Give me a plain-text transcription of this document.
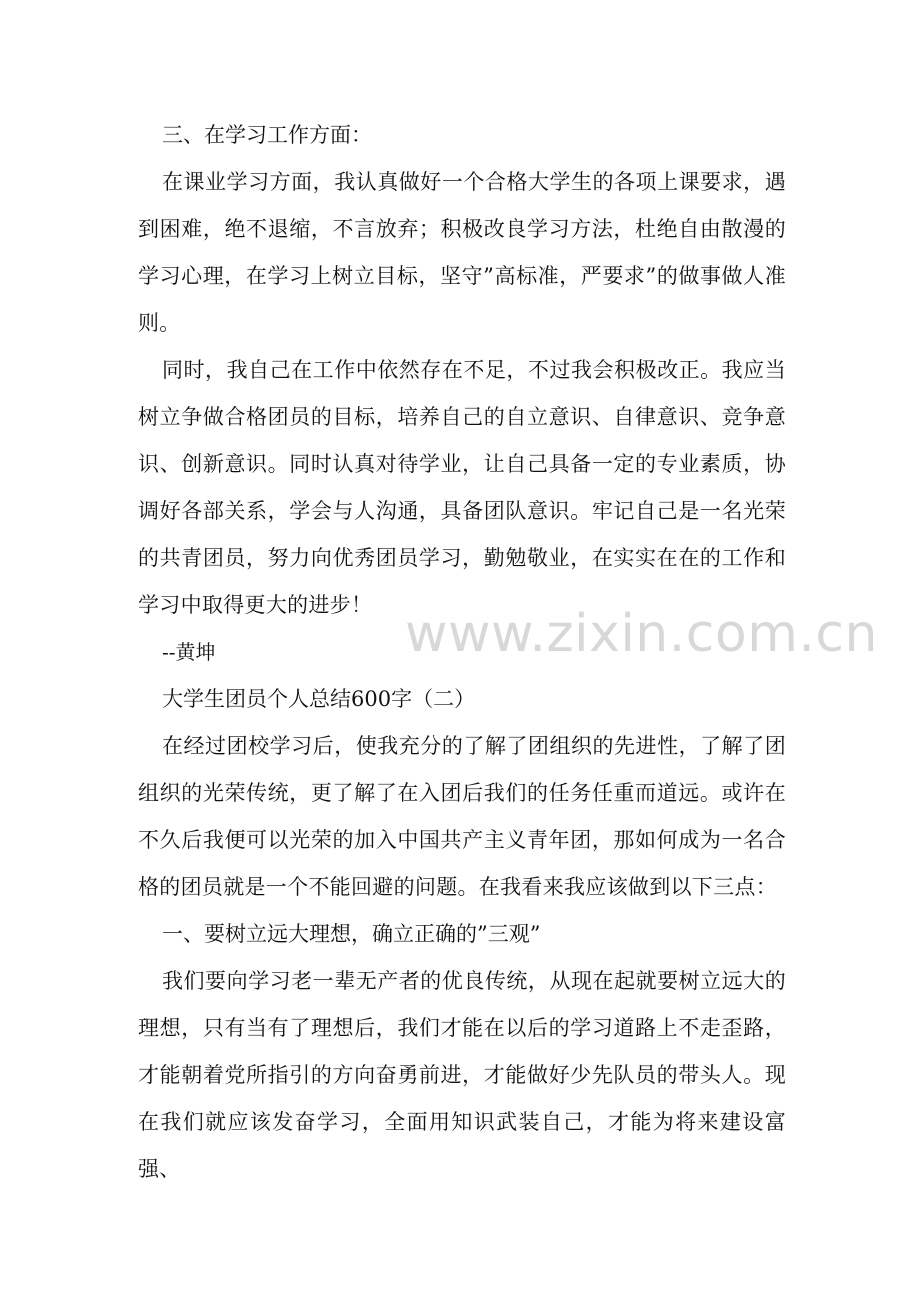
三、在学习工作方面：

在课业学习方面，我认真做好一个合格大学生的各项上课要求，遇到困难，绝不退缩，不言放弃；积极改良学习方法，杜绝自由散漫的学习心理，在学习上树立目标，坚守”高标准，严要求”的做事做人准则。

同时，我自己在工作中依然存在不足，不过我会积极改正。我应当树立争做合格团员的目标，培养自己的自立意识、自律意识、竞争意识、创新意识。同时认真对待学业，让自己具备一定的专业素质，协调好各部关系，学会与人沟通，具备团队意识。牢记自己是一名光荣的共青团员，努力向优秀团员学习，勤勉敬业，在实实在在的工作和学习中取得更大的进步！

--黄坤

大学生团员个人总结600字（二）

在经过团校学习后，使我充分的了解了团组织的先进性，了解了团组织的光荣传统，更了解了在入团后我们的任务任重而道远。或许在不久后我便可以光荣的加入中国共产主义青年团，那如何成为一名合格的团员就是一个不能回避的问题。在我看来我应该做到以下三点：

一、要树立远大理想，确立正确的”三观”

我们要向学习老一辈无产者的优良传统，从现在起就要树立远大的理想，只有当有了理想后，我们才能在以后的学习道路上不走歪路，才能朝着党所指引的方向奋勇前进，才能做好少先队员的带头人。现在我们就应该发奋学习，全面用知识武装自己，才能为将来建设富强、

www.zixin.com.cn
